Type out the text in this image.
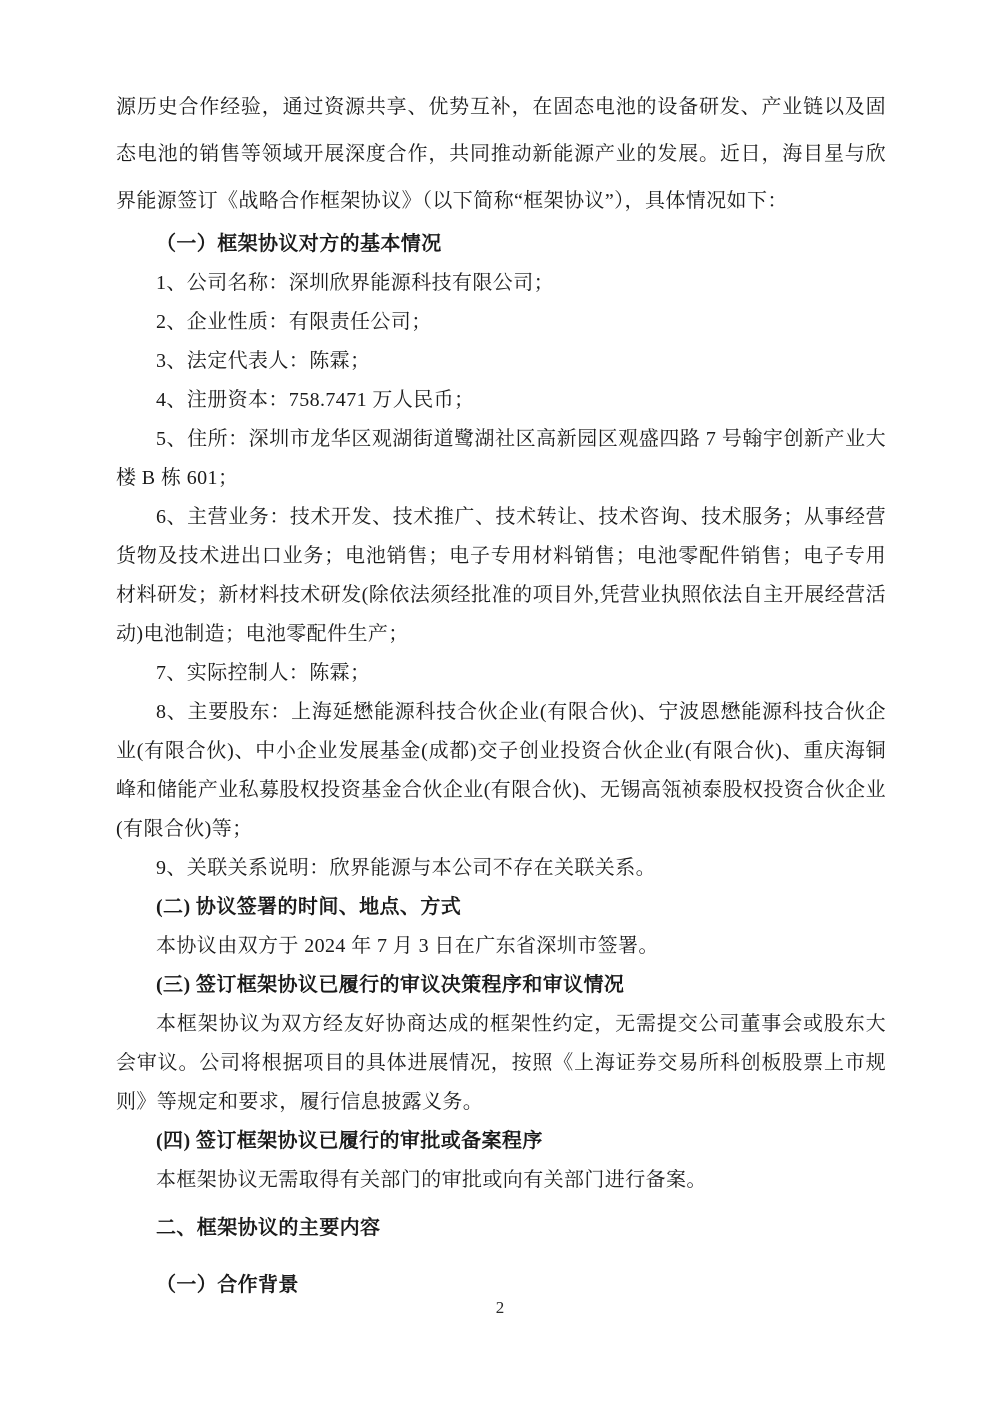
源历史合作经验，通过资源共享、优势互补，在固态电池的设备研发、产业链以及固态电池的销售等领域开展深度合作，共同推动新能源产业的发展。近日，海目星与欣界能源签订《战略合作框架协议》（以下简称“框架协议”），具体情况如下：

（一）框架协议对方的基本情况

1、公司名称：深圳欣界能源科技有限公司；

2、企业性质：有限责任公司；

3、法定代表人：陈霖；

4、注册资本：758.7471 万人民币；

5、住所：深圳市龙华区观湖街道鹭湖社区高新园区观盛四路 7 号翰宇创新产业大楼 B 栋 601；

6、主营业务：技术开发、技术推广、技术转让、技术咨询、技术服务；从事经营货物及技术进出口业务；电池销售；电子专用材料销售；电池零配件销售；电子专用材料研发；新材料技术研发(除依法须经批准的项目外,凭营业执照依法自主开展经营活动)电池制造；电池零配件生产；

7、实际控制人：陈霖；

8、主要股东：上海延懋能源科技合伙企业(有限合伙)、宁波恩懋能源科技合伙企业(有限合伙)、中小企业发展基金(成都)交子创业投资合伙企业(有限合伙)、重庆海铜峰和储能产业私募股权投资基金合伙企业(有限合伙)、无锡高瓴祯泰股权投资合伙企业(有限合伙)等；

9、关联关系说明：欣界能源与本公司不存在关联关系。

(二) 协议签署的时间、地点、方式

本协议由双方于 2024 年 7 月 3 日在广东省深圳市签署。

(三) 签订框架协议已履行的审议决策程序和审议情况

本框架协议为双方经友好协商达成的框架性约定，无需提交公司董事会或股东大会审议。公司将根据项目的具体进展情况，按照《上海证券交易所科创板股票上市规则》等规定和要求，履行信息披露义务。

(四) 签订框架协议已履行的审批或备案程序

本框架协议无需取得有关部门的审批或向有关部门进行备案。

二、框架协议的主要内容

（一）合作背景

2
